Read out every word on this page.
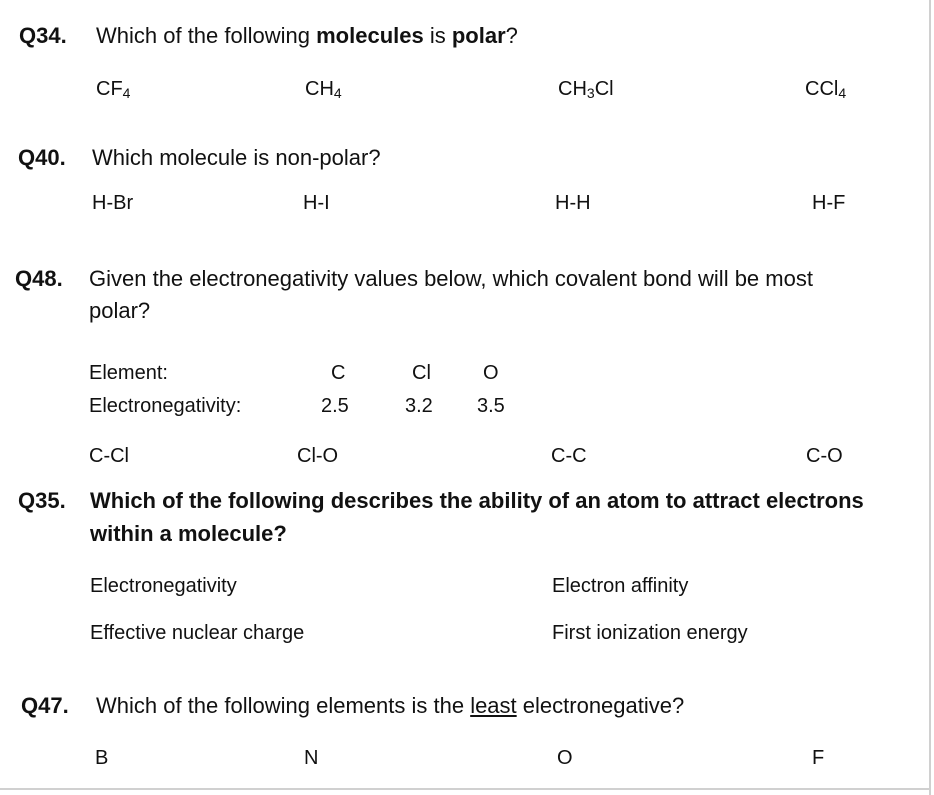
Q34. Which of the following molecules is polar?
$CF_4$	$CH_4$	$CH_3Cl$	CCl$_4$
Q40. Which molecule is non-polar?
H-Br	H-I	H-H	H-F
Q48. Given the electronegativity values below, which covalent bond will be most
polar?
Element:	C	Cl	O
Electronegativity:	2.5	3.2 3.5
C-Cl	Cl-O	C-C	C-O
Q35. Which of the following describes the ability of an atom to attract electrons
within a molecule?
Electronegativity	Electron affinity
Effective nuclear charge	First ionization energy
Q47. Which of the following elements is the least electronegative?
B	N	O	F
